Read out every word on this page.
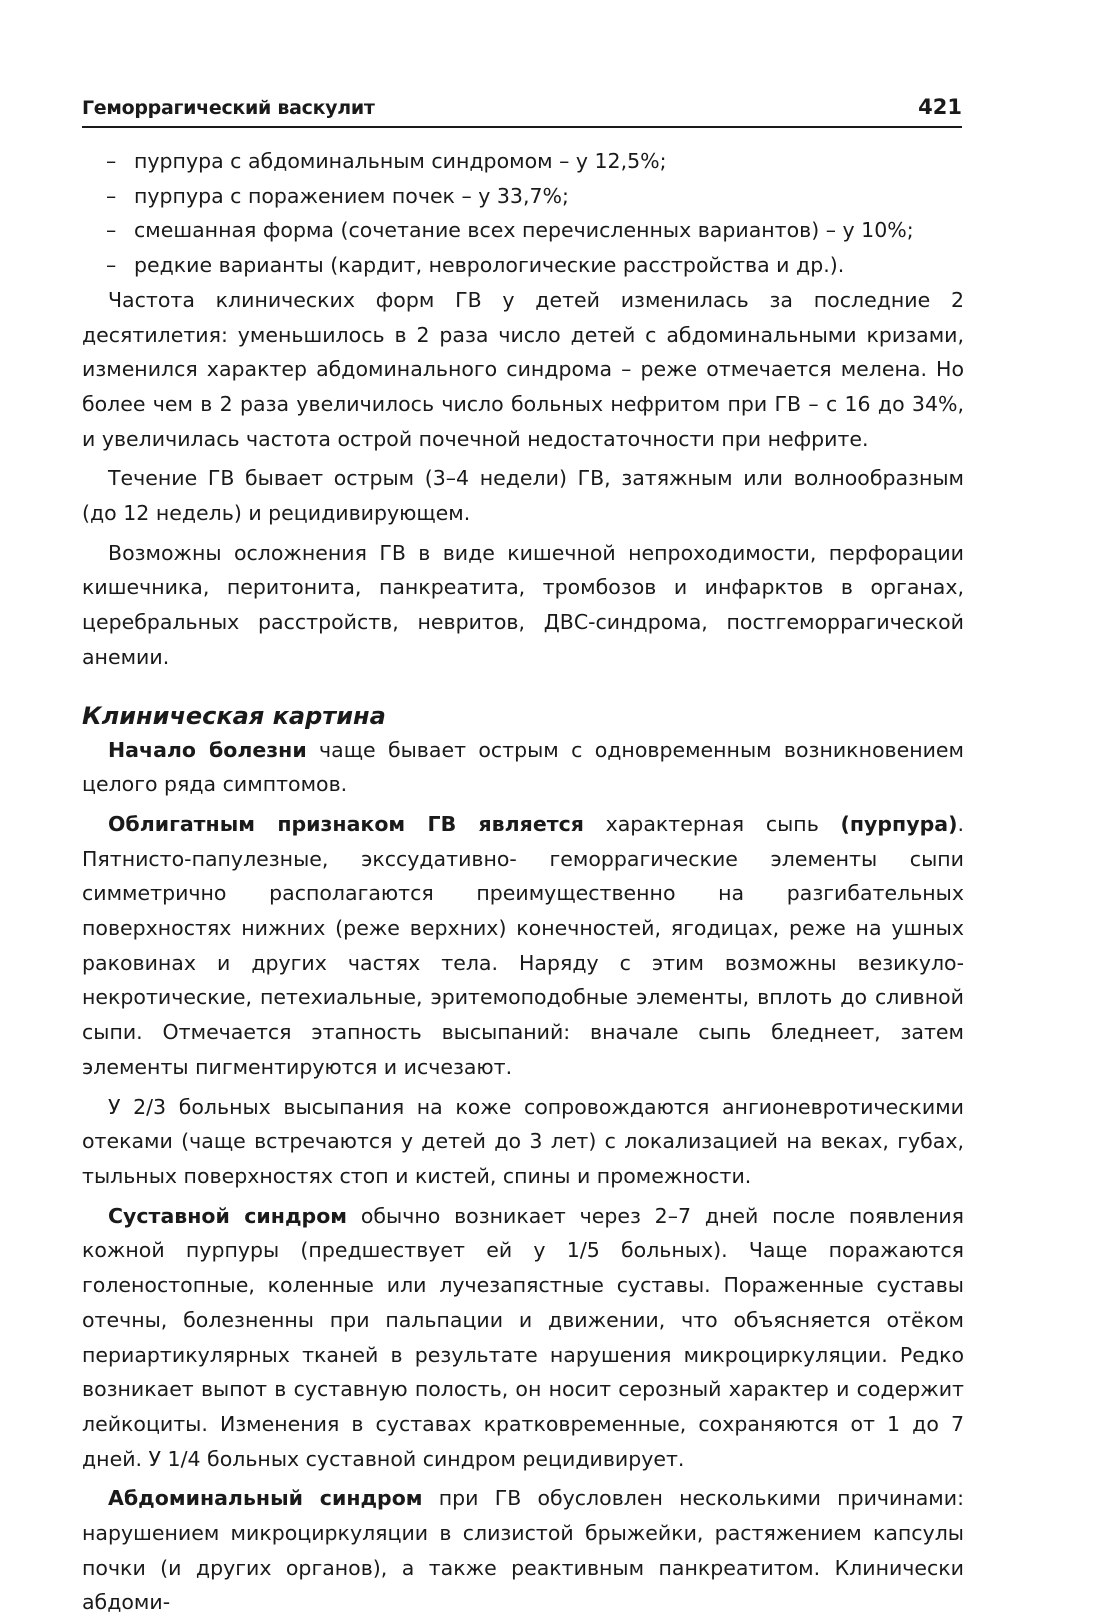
Геморрагический васкулит	421
– пурпура с абдоминальным синдромом – у 12,5%;
– пурпура с поражением почек – у 33,7%;
– смешанная форма (сочетание всех перечисленных вариантов) – у 10%;
– редкие варианты (кардит, неврологические расстройства и др.).

Частота клинических форм ГВ у детей изменилась за последние 2 десятилетия: уменьшилось в 2 раза число детей с абдоминальными кризами, изменился характер абдоминального синдрома – реже отмечается мелена. Но более чем в 2 раза увеличилось число больных нефритом при ГВ – с 16 до 34%, и увеличилась частота острой почечной недостаточности при нефрите.

Течение ГВ бывает острым (3–4 недели) ГВ, затяжным или волнообразным (до 12 недель) и рецидивирующем.

Возможны осложнения ГВ в виде кишечной непроходимости, перфорации кишечника, перитонита, панкреатита, тромбозов и инфарктов в органах, церебральных расстройств, невритов, ДВС-синдрома, постгеморрагической анемии.

Клиническая картина

Начало болезни чаще бывает острым с одновременным возникновением целого ряда симптомов.

Облигатным признаком ГВ является характерная сыпь (пурпура). Пятнисто-папулезные, экссудативно- геморрагические элементы сыпи симметрично располагаются преимущественно на разгибательных поверхностях нижних (реже верхних) конечностей, ягодицах, реже на ушных раковинах и других частях тела. Наряду с этим возможны везикуло-некротические, петехиальные, эритемоподобные элементы, вплоть до сливной сыпи. Отмечается этапность высыпаний: вначале сыпь бледнеет, затем элементы пигментируются и исчезают.

У 2/3 больных высыпания на коже сопровождаются ангионевротическими отеками (чаще встречаются у детей до 3 лет) с локализацией на веках, губах, тыльных поверхностях стоп и кистей, спины и промежности.

Суставной синдром обычно возникает через 2–7 дней после появления кожной пурпуры (предшествует ей у 1/5 больных). Чаще поражаются голеностопные, коленные или лучезапястные суставы. Пораженные суставы отечны, болезненны при пальпации и движении, что объясняется отёком периартикулярных тканей в результате нарушения микроциркуляции. Редко возникает выпот в суставную полость, он носит серозный характер и содержит лейкоциты. Изменения в суставах кратковременные, сохраняются от 1 до 7 дней. У 1/4 больных суставной синдром рецидивирует.

Абдоминальный синдром при ГВ обусловлен несколькими причинами: нарушением микроциркуляции в слизистой брыжейки, растяжением капсулы почки (и других органов), а также реактивным панкреатитом. Клинически абдоми-
